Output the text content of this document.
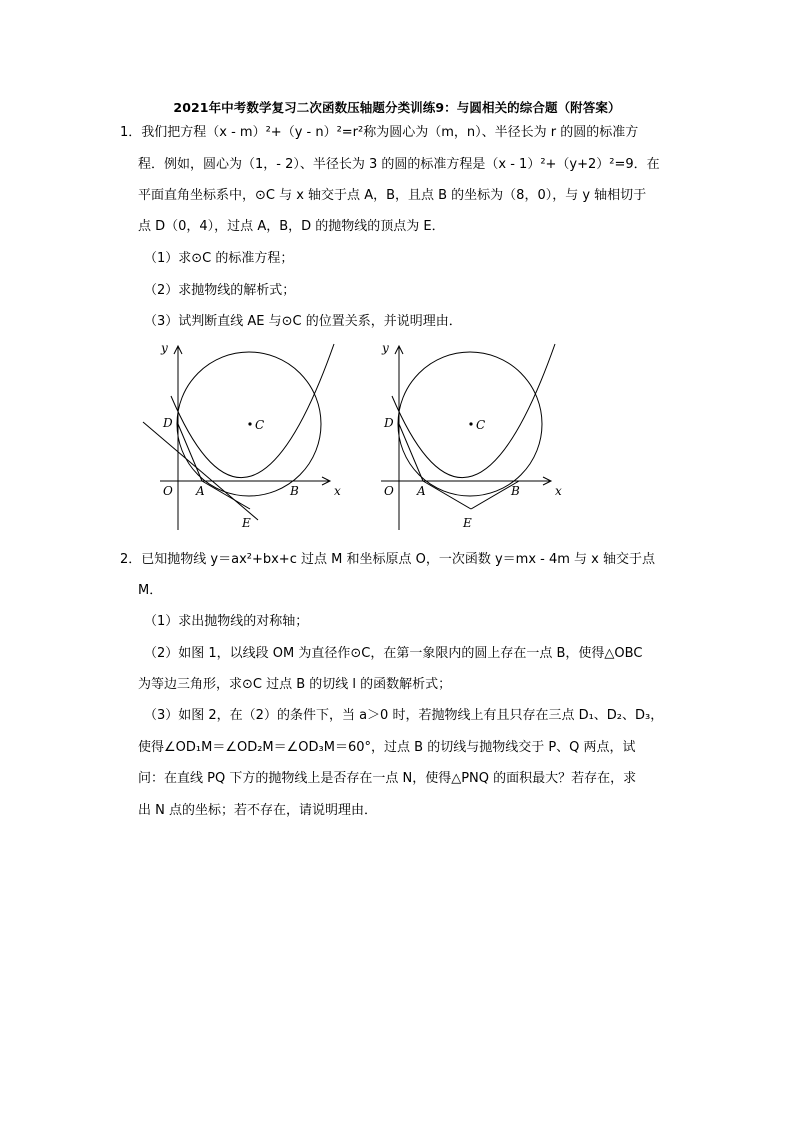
2021年中考数学复习二次函数压轴题分类训练9：与圆相关的综合题（附答案）
1．我们把方程（x - m）²+（y - n）²=r²称为圆心为（m，n）、半径长为 r 的圆的标准方
程．例如，圆心为（1，- 2）、半径长为 3 的圆的标准方程是（x - 1）²+（y+2）²=9．在
平面直角坐标系中，⊙C 与 x 轴交于点 A，B，且点 B 的坐标为（8，0），与 y 轴相切于
点 D（0，4），过点 A，B，D 的抛物线的顶点为 E．
（1）求⊙C 的标准方程；
（2）求抛物线的解析式；
（3）试判断直线 AE 与⊙C 的位置关系，并说明理由．
y
x
O A	B
C
D
E
y
x
O A	B
C
D
E
2．已知抛物线 y＝ax²+bx+c 过点 M 和坐标原点 O，一次函数 y＝mx - 4m 与 x 轴交于点
M．
（1）求出抛物线的对称轴；
（2）如图 1，以线段 OM 为直径作⊙C，在第一象限内的圆上存在一点 B，使得△OBC
为等边三角形，求⊙C 过点 B 的切线 l 的函数解析式；
（3）如图 2，在（2）的条件下，当 a＞0 时，若抛物线上有且只存在三点 D₁、D₂、D₃，
使得∠OD₁M＝∠OD₂M＝∠OD₃M＝60°，过点 B 的切线与抛物线交于 P、Q 两点，试
问：在直线 PQ 下方的抛物线上是否存在一点 N，使得△PNQ 的面积最大？若存在，求
出 N 点的坐标；若不存在，请说明理由．
